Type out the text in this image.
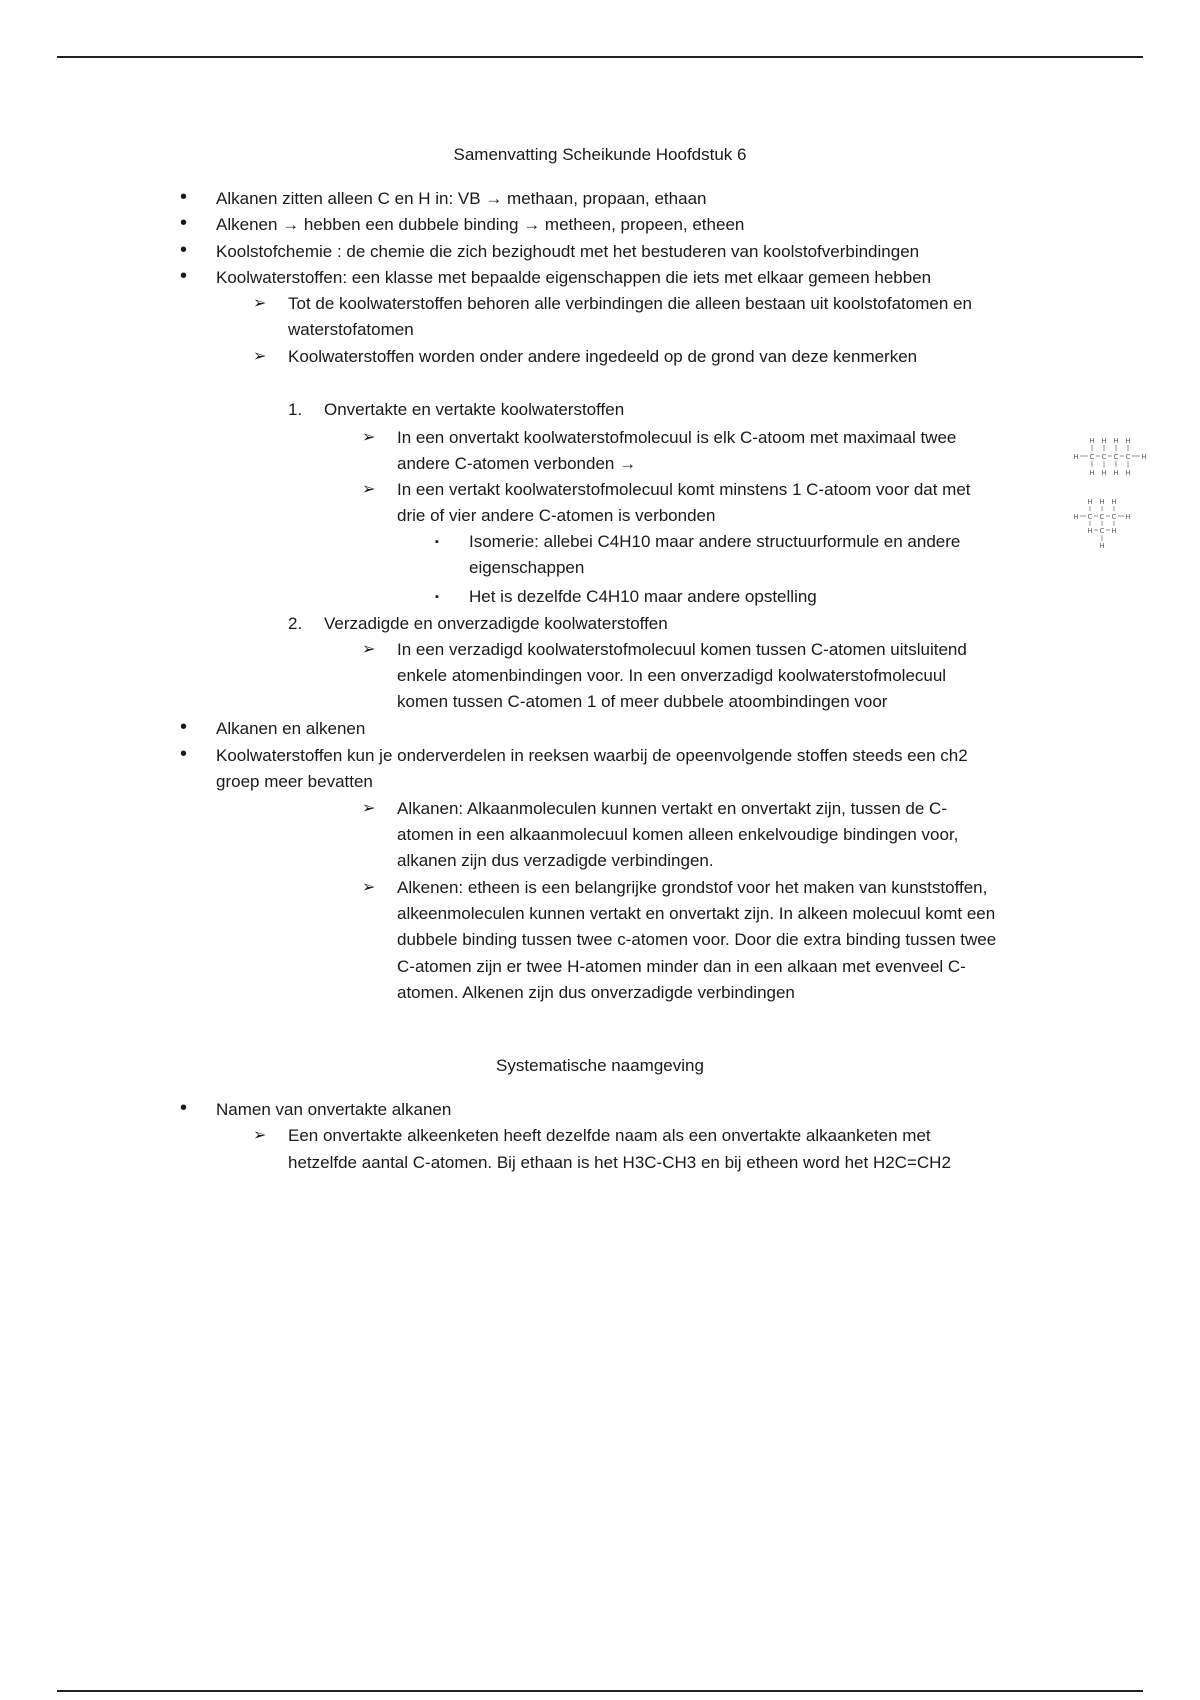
Samenvatting Scheikunde Hoofdstuk 6
• Alkanen zitten alleen C en H in: VB → methaan, propaan, ethaan
• Alkenen → hebben een dubbele binding → metheen, propeen, etheen
• Koolstofchemie : de chemie die zich bezighoudt met het bestuderen van koolstofverbindingen
• Koolwaterstoffen: een klasse met bepaalde eigenschappen die iets met elkaar gemeen hebben
➢ Tot de koolwaterstoffen behoren alle verbindingen die alleen bestaan uit koolstofatomen en
waterstofatomen
➢ Koolwaterstoffen worden onder andere ingedeeld op de grond van deze kenmerken
1. Onvertakte en vertakte koolwaterstoffen
➢ In een onvertakt koolwaterstofmolecuul is elk C-atoom met maximaal twee
andere C-atomen verbonden →
➢ In een vertakt koolwaterstofmolecuul komt minstens 1 C-atoom voor dat met
drie of vier andere C-atomen is verbonden
▪ Isomerie: allebei C4H10 maar andere structuurformule en andere
eigenschappen
▪ Het is dezelfde C4H10 maar andere opstelling
2. Verzadigde en onverzadigde koolwaterstoffen
➢ In een verzadigd koolwaterstofmolecuul komen tussen C-atomen uitsluitend
enkele atomenbindingen voor. In een onverzadigd koolwaterstofmolecuul
komen tussen C-atomen 1 of meer dubbele atoombindingen voor
• Alkanen en alkenen
• Koolwaterstoffen kun je onderverdelen in reeksen waarbij de opeenvolgende stoffen steeds een ch2
groep meer bevatten
➢ Alkanen: Alkaanmoleculen kunnen vertakt en onvertakt zijn, tussen de C-
atomen in een alkaanmolecuul komen alleen enkelvoudige bindingen voor,
alkanen zijn dus verzadigde verbindingen.
➢ Alkenen: etheen is een belangrijke grondstof voor het maken van kunststoffen,
alkeenmoleculen kunnen vertakt en onvertakt zijn. In alkeen molecuul komt een
dubbele binding tussen twee c-atomen voor. Door die extra binding tussen twee
C-atomen zijn er twee H-atomen minder dan in een alkaan met evenveel C-
atomen. Alkenen zijn dus onverzadigde verbindingen
Systematische naamgeving
• Namen van onvertakte alkanen
➢ Een onvertakte alkeenketen heeft dezelfde naam als een onvertakte alkaanketen met
hetzelfde aantal C-atomen. Bij ethaan is het H3C-CH3 en bij etheen word het H2C=CH2
H H H H
H C C C C H
H H H H
H H H
H C C C H
H C H
H
